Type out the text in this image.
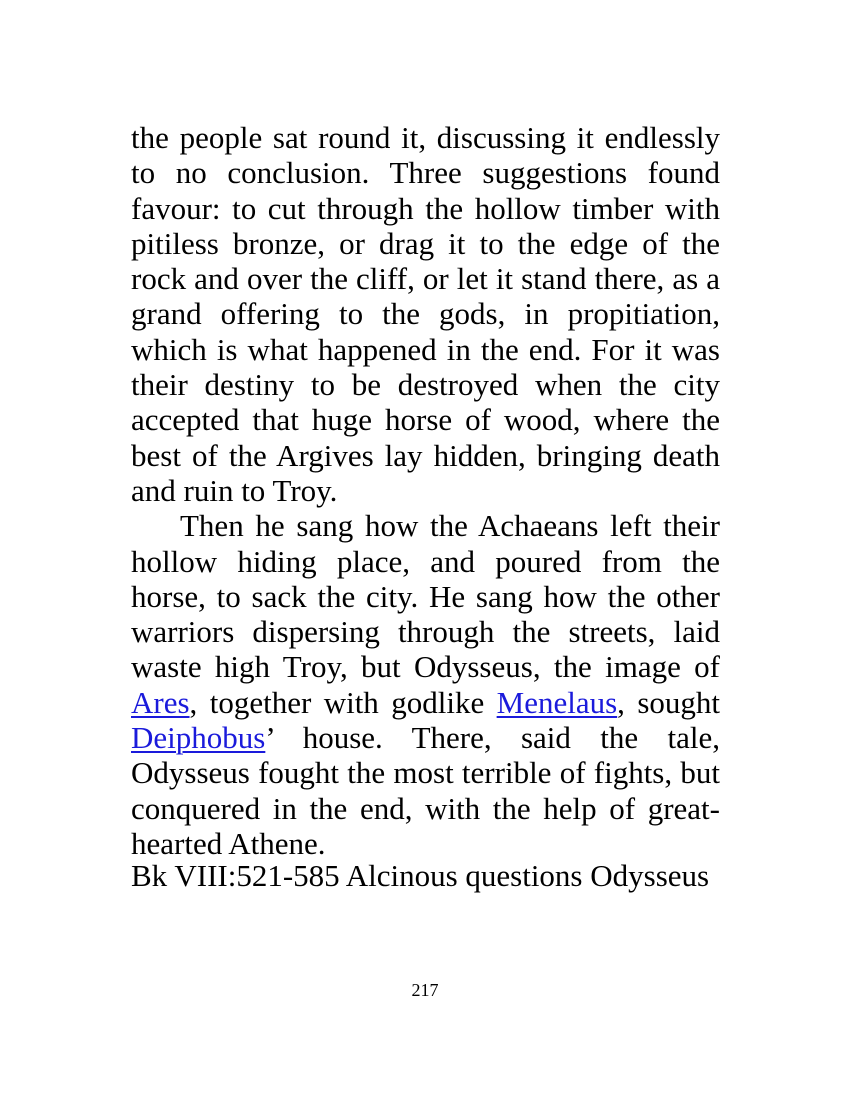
the people sat round it, discussing it endlessly to no conclusion. Three suggestions found favour: to cut through the hollow timber with pitiless bronze, or drag it to the edge of the rock and over the cliff, or let it stand there, as a grand offering to the gods, in propitiation, which is what happened in the end. For it was their destiny to be destroyed when the city accepted that huge horse of wood, where the best of the Argives lay hidden, bringing death and ruin to Troy.

Then he sang how the Achaeans left their hollow hiding place, and poured from the horse, to sack the city. He sang how the other warriors dispersing through the streets, laid waste high Troy, but Odysseus, the image of Ares, together with godlike Menelaus, sought Deiphobus’ house. There, said the tale, Odysseus fought the most terrible of fights, but conquered in the end, with the help of great-hearted Athene.

Bk VIII:521-585 Alcinous questions Odysseus
217
